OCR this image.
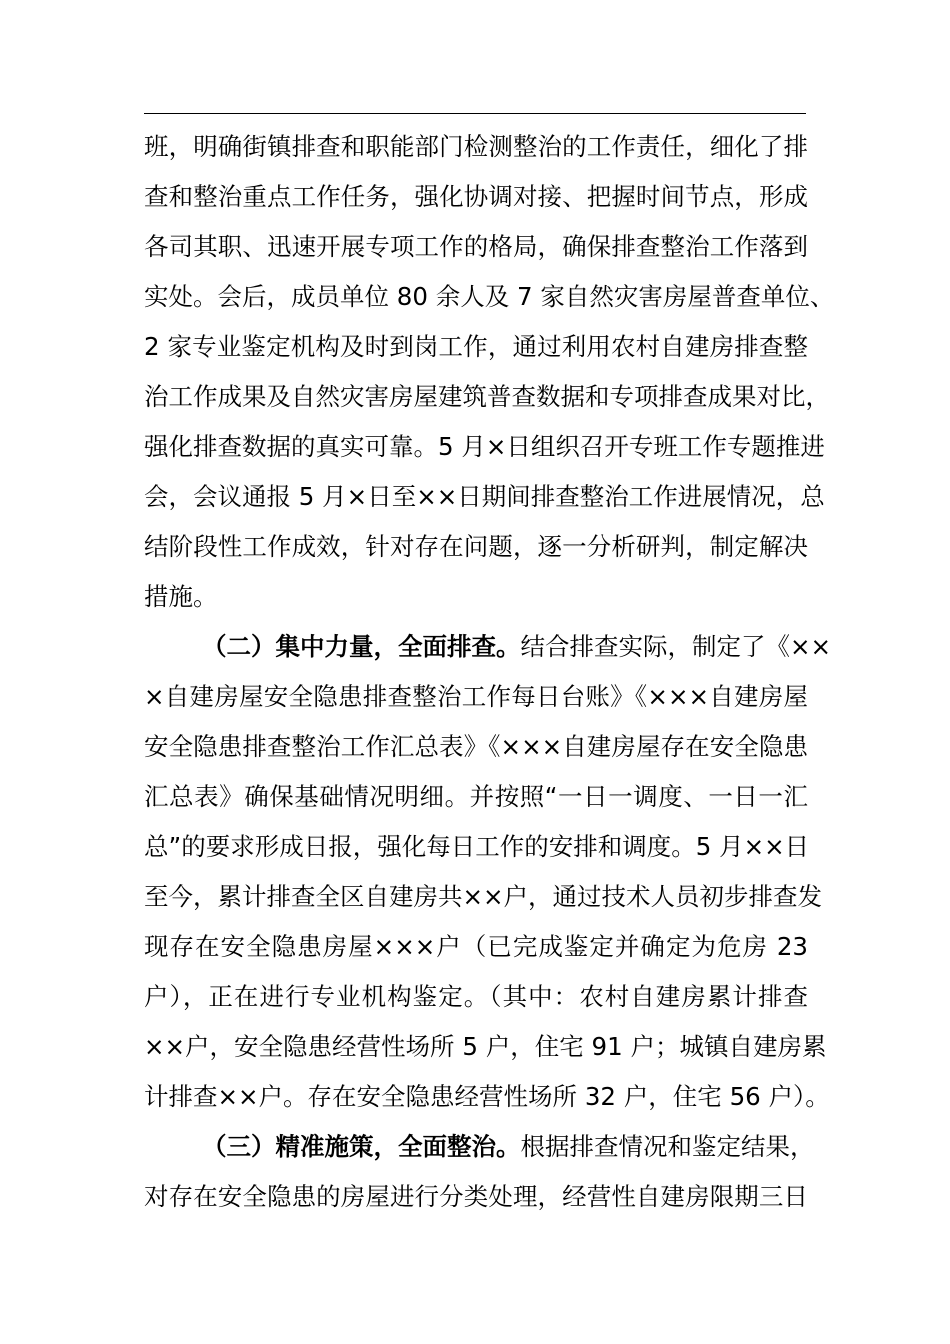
班，明确街镇排查和职能部门检测整治的工作责任，细化了排
查和整治重点工作任务，强化协调对接、把握时间节点，形成
各司其职、迅速开展专项工作的格局，确保排查整治工作落到
实处。会后，成员单位 80 余人及 7 家自然灾害房屋普查单位、
2 家专业鉴定机构及时到岗工作，通过利用农村自建房排查整
治工作成果及自然灾害房屋建筑普查数据和专项排查成果对比，
强化排查数据的真实可靠。5 月×日组织召开专班工作专题推进
会，会议通报 5 月×日至××日期间排查整治工作进展情况，总
结阶段性工作成效，针对存在问题，逐一分析研判，制定解决
措施。
（二）集中力量，全面排查。结合排查实际，制定了《××
×自建房屋安全隐患排查整治工作每日台账》《×××自建房屋
安全隐患排查整治工作汇总表》《×××自建房屋存在安全隐患
汇总表》确保基础情况明细。并按照“一日一调度、一日一汇
总”的要求形成日报，强化每日工作的安排和调度。5 月××日
至今，累计排查全区自建房共××户，通过技术人员初步排查发
现存在安全隐患房屋×××户（已完成鉴定并确定为危房 23
户），正在进行专业机构鉴定。（其中：农村自建房累计排查
××户，安全隐患经营性场所 5 户，住宅 91 户；城镇自建房累
计排查××户。存在安全隐患经营性场所 32 户，住宅 56 户）。
（三）精准施策，全面整治。根据排查情况和鉴定结果，
对存在安全隐患的房屋进行分类处理，经营性自建房限期三日
